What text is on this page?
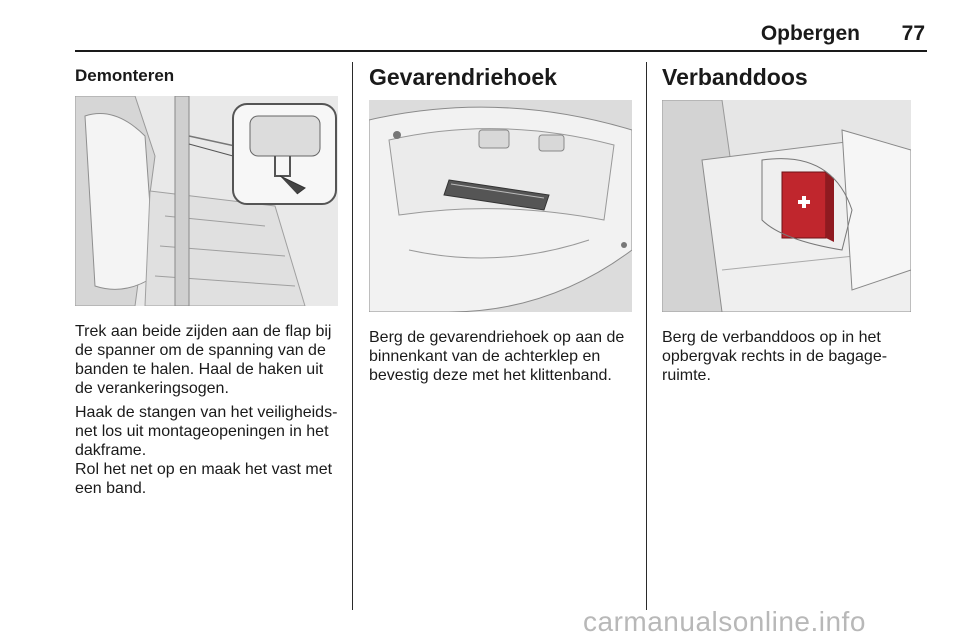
Opbergen	77
Demonteren

Trek aan beide zijden aan de flap bij de spanner om de spanning van de banden te halen. Haal de haken uit de verankeringsogen.

Haak de stangen van het veiligheidsnet los uit montageopeningen in het dakframe.

Rol het net op en maak het vast met een band.

Gevarendriehoek

Berg de gevarendriehoek op aan de binnenkant van de achterklep en bevestig deze met het klittenband.

Verbanddoos

Berg de verbanddoos op in het opbergvak rechts in de bagageruimte.

carmanualsonline.info
